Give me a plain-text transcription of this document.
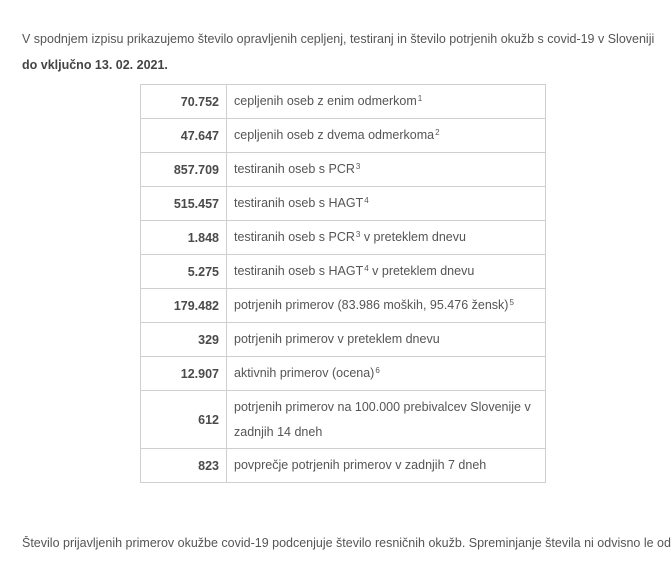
V spodnjem izpisu prikazujemo število opravljenih cepljenj, testiranj in število potrjenih okužb s covid-19 v Sloveniji do vključno 13. 02. 2021.

70.752	cepljenih oseb z enim odmerkom$^1$
47.647	cepljenih oseb z dvema odmerkoma$^2$
857.709	testiranih oseb s PCR$^3$
515.457	testiranih oseb s HAGT$^4$
1.848	testiranih oseb s PCR$^3$ v preteklem dnevu
5.275	testiranih oseb s HAGT$^4$ v preteklem dnevu
179.482	potrjenih primerov (83.986 moških, 95.476 žensk)$^5$
329	potrjenih primerov v preteklem dnevu
12.907	aktivnih primerov (ocena)$^6$
612	potrjenih primerov na 100.000 prebivalcev Slovenije v zadnjih 14 dneh
823	povprečje potrjenih primerov v zadnjih 7 dneh

Število prijavljenih primerov okužbe covid-19 podcenjuje število resničnih okužb. Spreminjanje števila ni odvisno le od
